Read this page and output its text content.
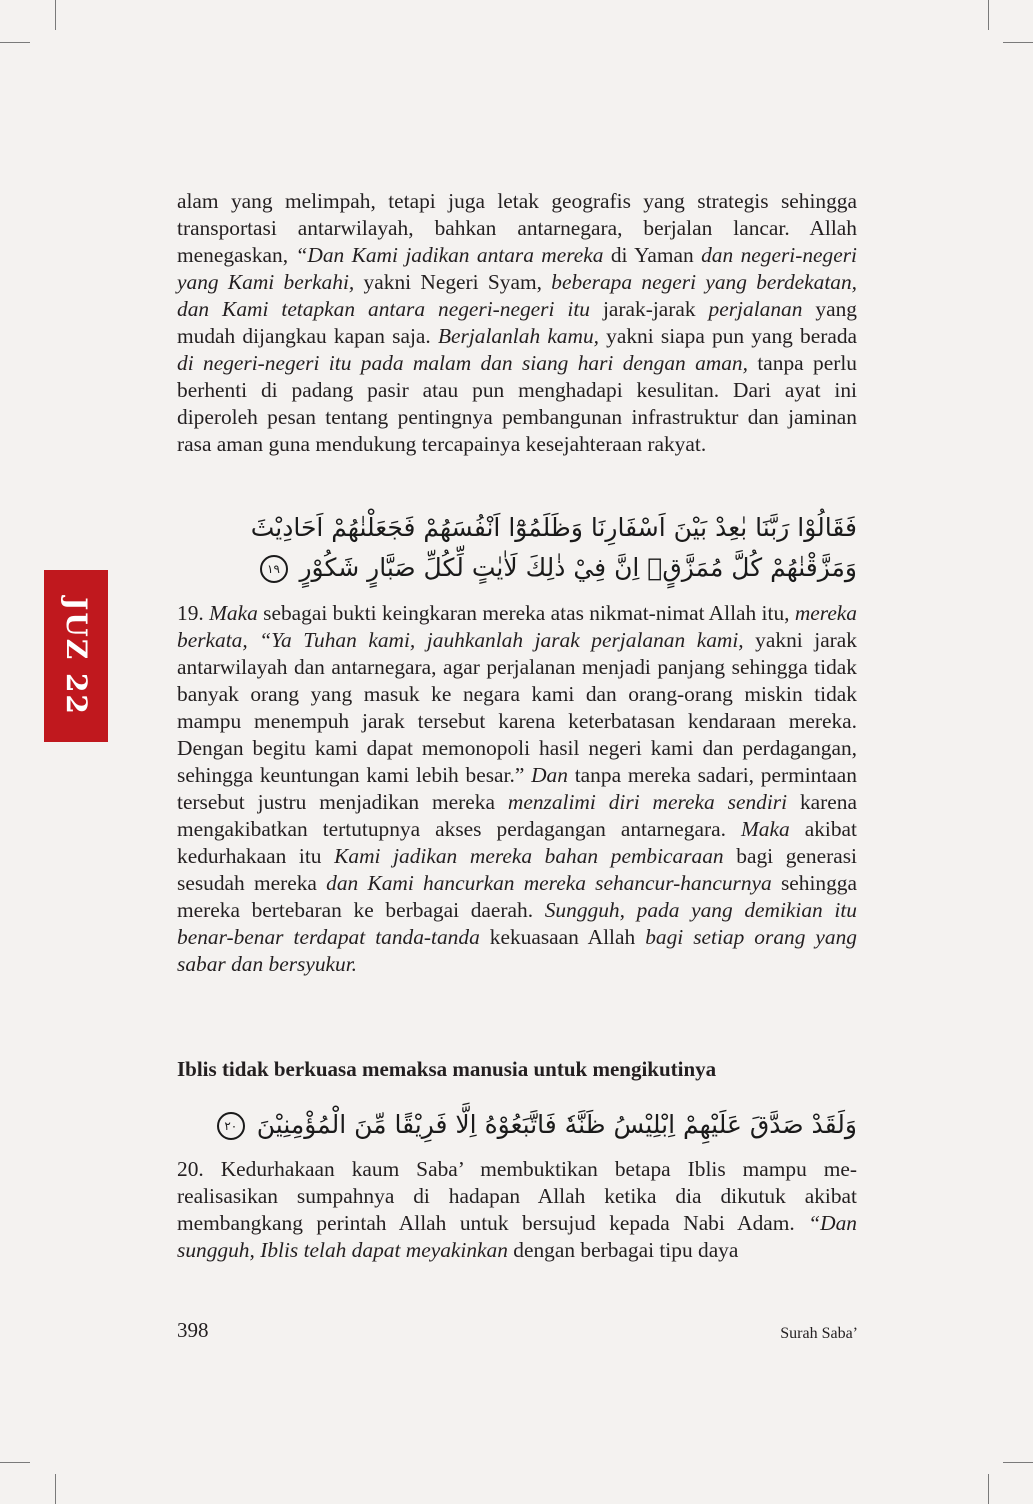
JUZ 22

alam yang melimpah, tetapi juga letak geografis yang strategis sehingga transportasi antarwilayah, bahkan antarnegara, berjalan lancar. Allah menegaskan, “Dan Kami jadikan antara mereka di Yaman dan negeri-negeri yang Kami berkahi, yakni Negeri Syam, beberapa negeri yang berdekatan, dan Kami tetapkan antara negeri-negeri itu jarak-jarak perjalanan yang mudah dijangkau kapan saja. Berjalanlah kamu, yakni siapa pun yang berada di negeri-negeri itu pada malam dan siang hari dengan aman, tanpa perlu berhenti di padang pasir atau pun menghadapi kesulitan. Dari ayat ini diperoleh pesan tentang pentingnya pembangunan infrastruktur dan jaminan rasa aman guna mendukung tercapainya kesejahteraan rakyat.

فَقَالُوْا رَبَّنَا بٰعِدْ بَيْنَ اَسْفَارِنَا وَظَلَمُوْٓا اَنْفُسَهُمْ فَجَعَلْنٰهُمْ اَحَادِيْثَ وَمَزَّقْنٰهُمْ كُلَّ مُمَزَّقٍۗ اِنَّ فِيْ ذٰلِكَ لَاٰيٰتٍ لِّكُلِّ صَبَّارٍ شَكُوْرٍ ١٩

19. Maka sebagai bukti keingkaran mereka atas nikmat-nimat Allah itu, mereka berkata, “Ya Tuhan kami, jauhkanlah jarak perjalanan kami, yakni jarak antarwilayah dan antarnegara, agar perjalanan menjadi panjang sehingga tidak banyak orang yang masuk ke negara kami dan orang-orang miskin tidak mampu menempuh jarak tersebut karena keterbatasan kendaraan mereka. Dengan begitu kami dapat memonopoli hasil negeri kami dan perdagangan, sehingga keuntungan kami lebih besar.” Dan tanpa mereka sadari, permintaan tersebut justru menjadikan mereka menzalimi diri mereka sendiri karena mengakibatkan tertutupnya akses perdagangan antarnegara. Maka akibat kedurhakaan itu Kami jadikan mereka bahan pembicaraan bagi generasi sesudah mereka dan Kami hancurkan mereka sehancur-hancurnya sehingga mereka bertebaran ke berbagai daerah. Sungguh, pada yang demikian itu benar-benar terdapat tanda-tanda kekuasaan Allah bagi setiap orang yang sabar dan bersyukur.

Iblis tidak berkuasa memaksa manusia untuk mengikutinya
وَلَقَدْ صَدَّقَ عَلَيْهِمْ اِبْلِيْسُ ظَنَّهٗ فَاتَّبَعُوْهُ اِلَّا فَرِيْقًا مِّنَ الْمُؤْمِنِيْنَ ٢٠

20. Kedurhakaan kaum Saba’ membuktikan betapa Iblis mampu merealisasikan sumpahnya di hadapan Allah ketika dia dikutuk akibat membangkang perintah Allah untuk bersujud kepada Nabi Adam. “Dan sungguh, Iblis telah dapat meyakinkan dengan berbagai tipu daya

398	Surah Saba’
